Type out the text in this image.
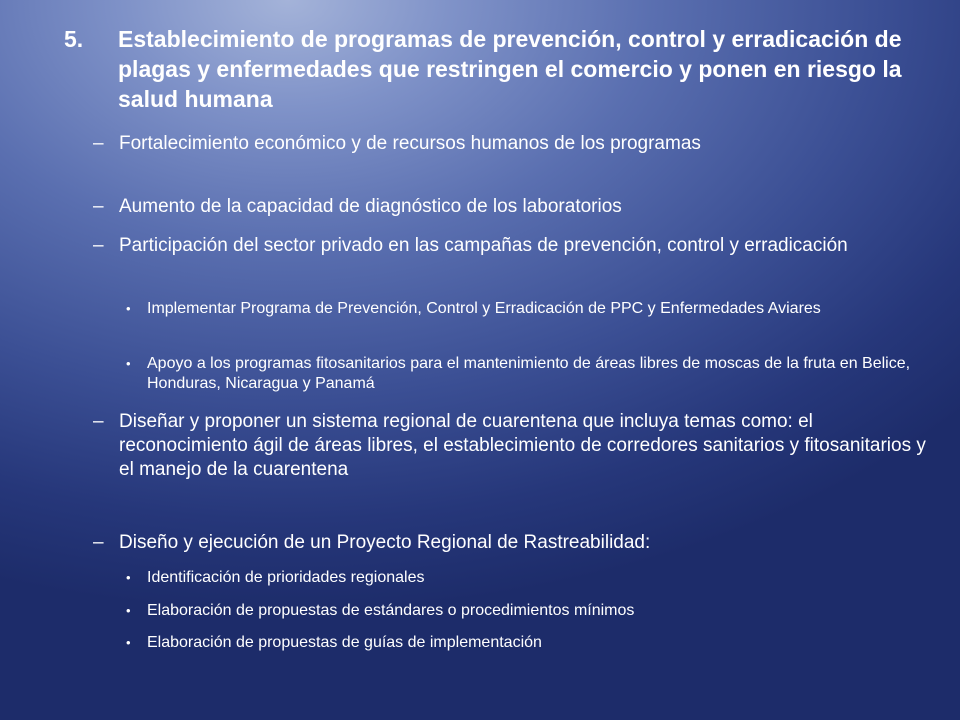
5. Establecimiento de programas de prevención, control y erradicación de plagas y enfermedades que restringen el comercio y ponen en riesgo la salud humana
– Fortalecimiento económico y de recursos humanos de los programas
– Aumento de la capacidad de diagnóstico de los laboratorios
– Participación del sector privado en las campañas de prevención, control y erradicación
• Implementar Programa de Prevención, Control y Erradicación de PPC y Enfermedades Aviares
• Apoyo a los programas fitosanitarios para el mantenimiento de áreas libres de moscas de la fruta en Belice, Honduras, Nicaragua y Panamá
– Diseñar y proponer un sistema regional de cuarentena que incluya temas como: el reconocimiento ágil de áreas libres, el establecimiento de corredores sanitarios y fitosanitarios y el manejo de la cuarentena
– Diseño y ejecución de un Proyecto Regional de Rastreabilidad:
• Identificación de prioridades regionales
• Elaboración de propuestas de estándares o procedimientos mínimos
• Elaboración de propuestas de guías de implementación
